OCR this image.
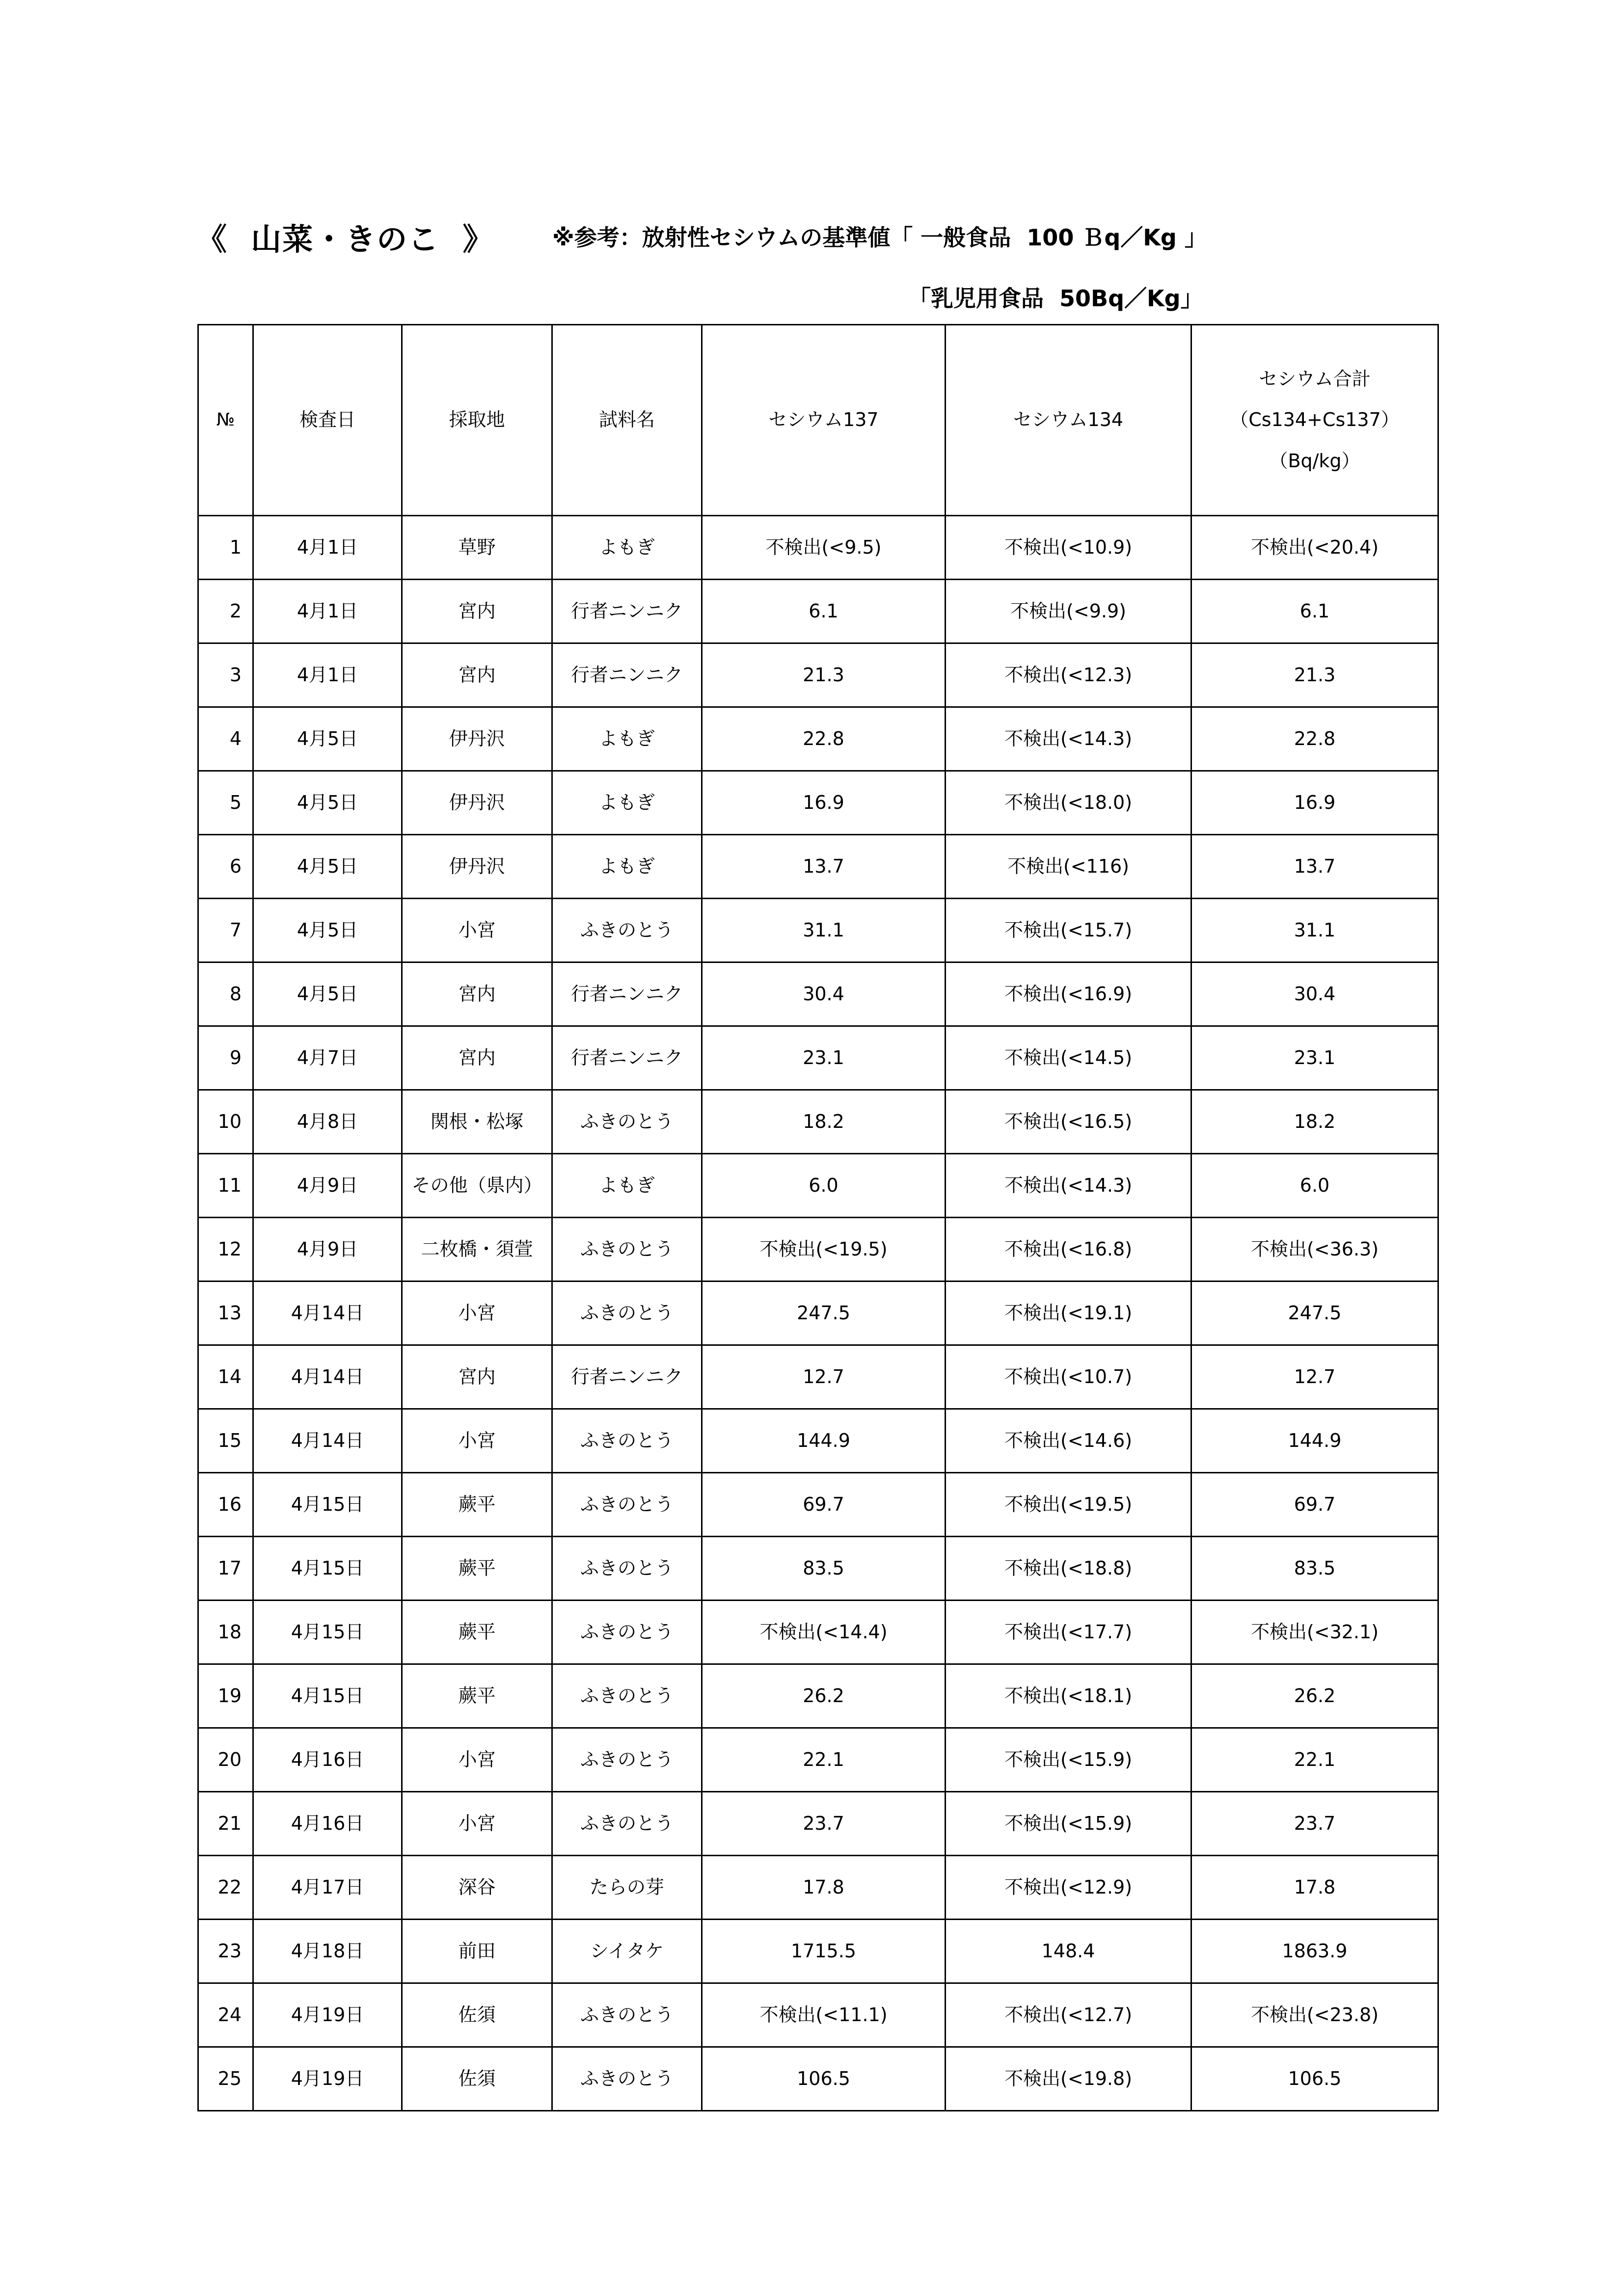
《  山菜・きのこ  》	※参考：放射性セシウムの基準値「 一般食品  100 Ｂq／Kg 」
「乳児用食品  50Bq／Kg」
№	検査日	採取地	試料名	セシウム137	セシウム134	セシウム合計
（Cs134+Cs137）
（Bq/kg）

1	4月1日	草野	よもぎ	不検出(<9.5)	不検出(<10.9)	不検出(<20.4)
2	4月1日	宮内	行者ニンニク	6.1	不検出(<9.9)	6.1
3	4月1日	宮内	行者ニンニク	21.3	不検出(<12.3)	21.3
4	4月5日	伊丹沢	よもぎ	22.8	不検出(<14.3)	22.8
5	4月5日	伊丹沢	よもぎ	16.9	不検出(<18.0)	16.9
6	4月5日	伊丹沢	よもぎ	13.7	不検出(<116)	13.7
7	4月5日	小宮	ふきのとう	31.1	不検出(<15.7)	31.1
8	4月5日	宮内	行者ニンニク	30.4	不検出(<16.9)	30.4
9	4月7日	宮内	行者ニンニク	23.1	不検出(<14.5)	23.1
10	4月8日	関根・松塚	ふきのとう	18.2	不検出(<16.5)	18.2
11	4月9日	その他（県内）	よもぎ	6.0	不検出(<14.3)	6.0
12	4月9日	二枚橋・須萱	ふきのとう	不検出(<19.5)	不検出(<16.8)	不検出(<36.3)
13	4月14日	小宮	ふきのとう	247.5	不検出(<19.1)	247.5
14	4月14日	宮内	行者ニンニク	12.7	不検出(<10.7)	12.7
15	4月14日	小宮	ふきのとう	144.9	不検出(<14.6)	144.9
16	4月15日	蕨平	ふきのとう	69.7	不検出(<19.5)	69.7
17	4月15日	蕨平	ふきのとう	83.5	不検出(<18.8)	83.5
18	4月15日	蕨平	ふきのとう	不検出(<14.4)	不検出(<17.7)	不検出(<32.1)
19	4月15日	蕨平	ふきのとう	26.2	不検出(<18.1)	26.2
20	4月16日	小宮	ふきのとう	22.1	不検出(<15.9)	22.1
21	4月16日	小宮	ふきのとう	23.7	不検出(<15.9)	23.7
22	4月17日	深谷	たらの芽	17.8	不検出(<12.9)	17.8
23	4月18日	前田	シイタケ	1715.5	148.4	1863.9
24	4月19日	佐須	ふきのとう	不検出(<11.1)	不検出(<12.7)	不検出(<23.8)
25	4月19日	佐須	ふきのとう	106.5	不検出(<19.8)	106.5
